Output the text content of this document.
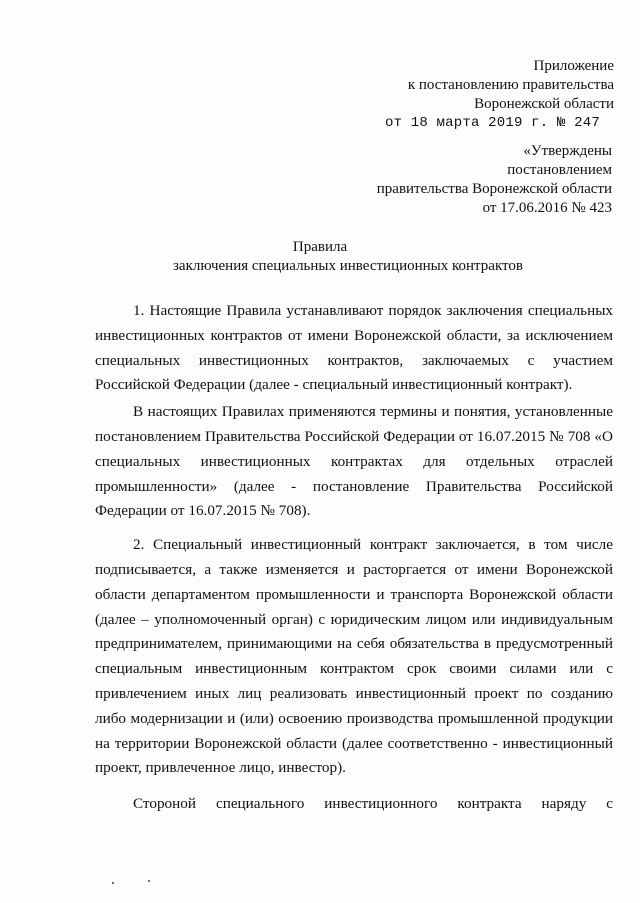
Приложение
к постановлению правительства
Воронежской области
от 18 марта 2019 г. № 247
«Утверждены
постановлением
правительства Воронежской области
от 17.06.2016 № 423
Правила
заключения специальных инвестиционных контрактов

1. Настоящие Правила устанавливают порядок заключения специальных инвестиционных контрактов от имени Воронежской области, за исключением специальных инвестиционных контрактов, заключаемых с участием Российской Федерации (далее - специальный инвестиционный контракт).

В настоящих Правилах применяются термины и понятия, установленные постановлением Правительства Российской Федерации от 16.07.2015 № 708 «О специальных инвестиционных контрактах для отдельных отраслей промышленности» (далее - постановление Правительства Российской Федерации от 16.07.2015 № 708).

2. Специальный инвестиционный контракт заключается, в том числе подписывается, а также изменяется и расторгается от имени Воронежской области департаментом промышленности и транспорта Воронежской области (далее – уполномоченный орган) с юридическим лицом или индивидуальным предпринимателем, принимающими на себя обязательства в предусмотренный специальным инвестиционным контрактом срок своими силами или с привлечением иных лиц реализовать инвестиционный проект по созданию либо модернизации и (или) освоению производства промышленной продукции на территории Воронежской области (далее соответственно - инвестиционный проект, привлеченное лицо, инвестор).

Стороной специального инвестиционного контракта наряду с
